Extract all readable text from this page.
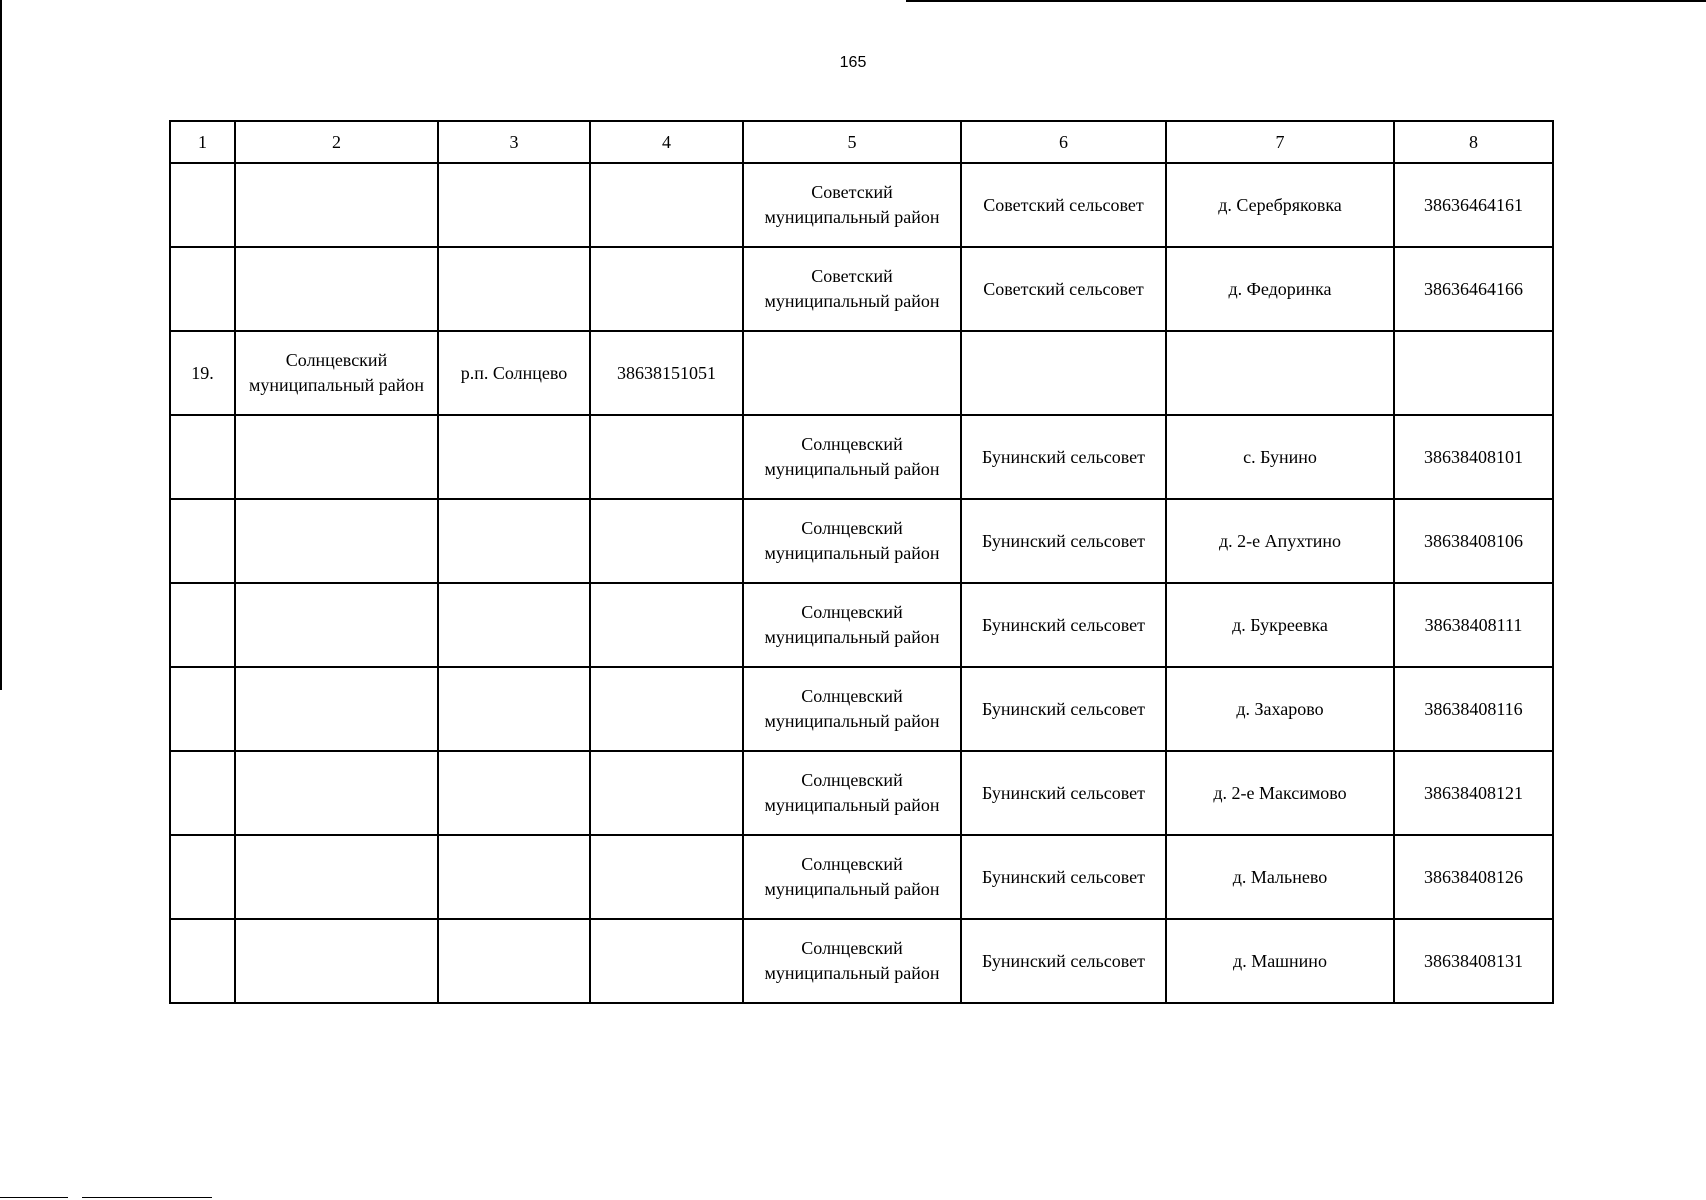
165
1	2	3	4	5	6	7	8
				Советский муниципальный район	Советский сельсовет	д. Серебряковка	38636464161
				Советский муниципальный район	Советский сельсовет	д. Федоринка	38636464166
19.	Солнцевский муниципальный район	р.п. Солнцево	38638151051				
				Солнцевский муниципальный район	Бунинский сельсовет	с. Бунино	38638408101
				Солнцевский муниципальный район	Бунинский сельсовет	д. 2-е Апухтино	38638408106
				Солнцевский муниципальный район	Бунинский сельсовет	д. Букреевка	38638408111
				Солнцевский муниципальный район	Бунинский сельсовет	д. Захарово	38638408116
				Солнцевский муниципальный район	Бунинский сельсовет	д. 2-е Максимово	38638408121
				Солнцевский муниципальный район	Бунинский сельсовет	д. Мальнево	38638408126
				Солнцевский муниципальный район	Бунинский сельсовет	д. Машнино	38638408131
